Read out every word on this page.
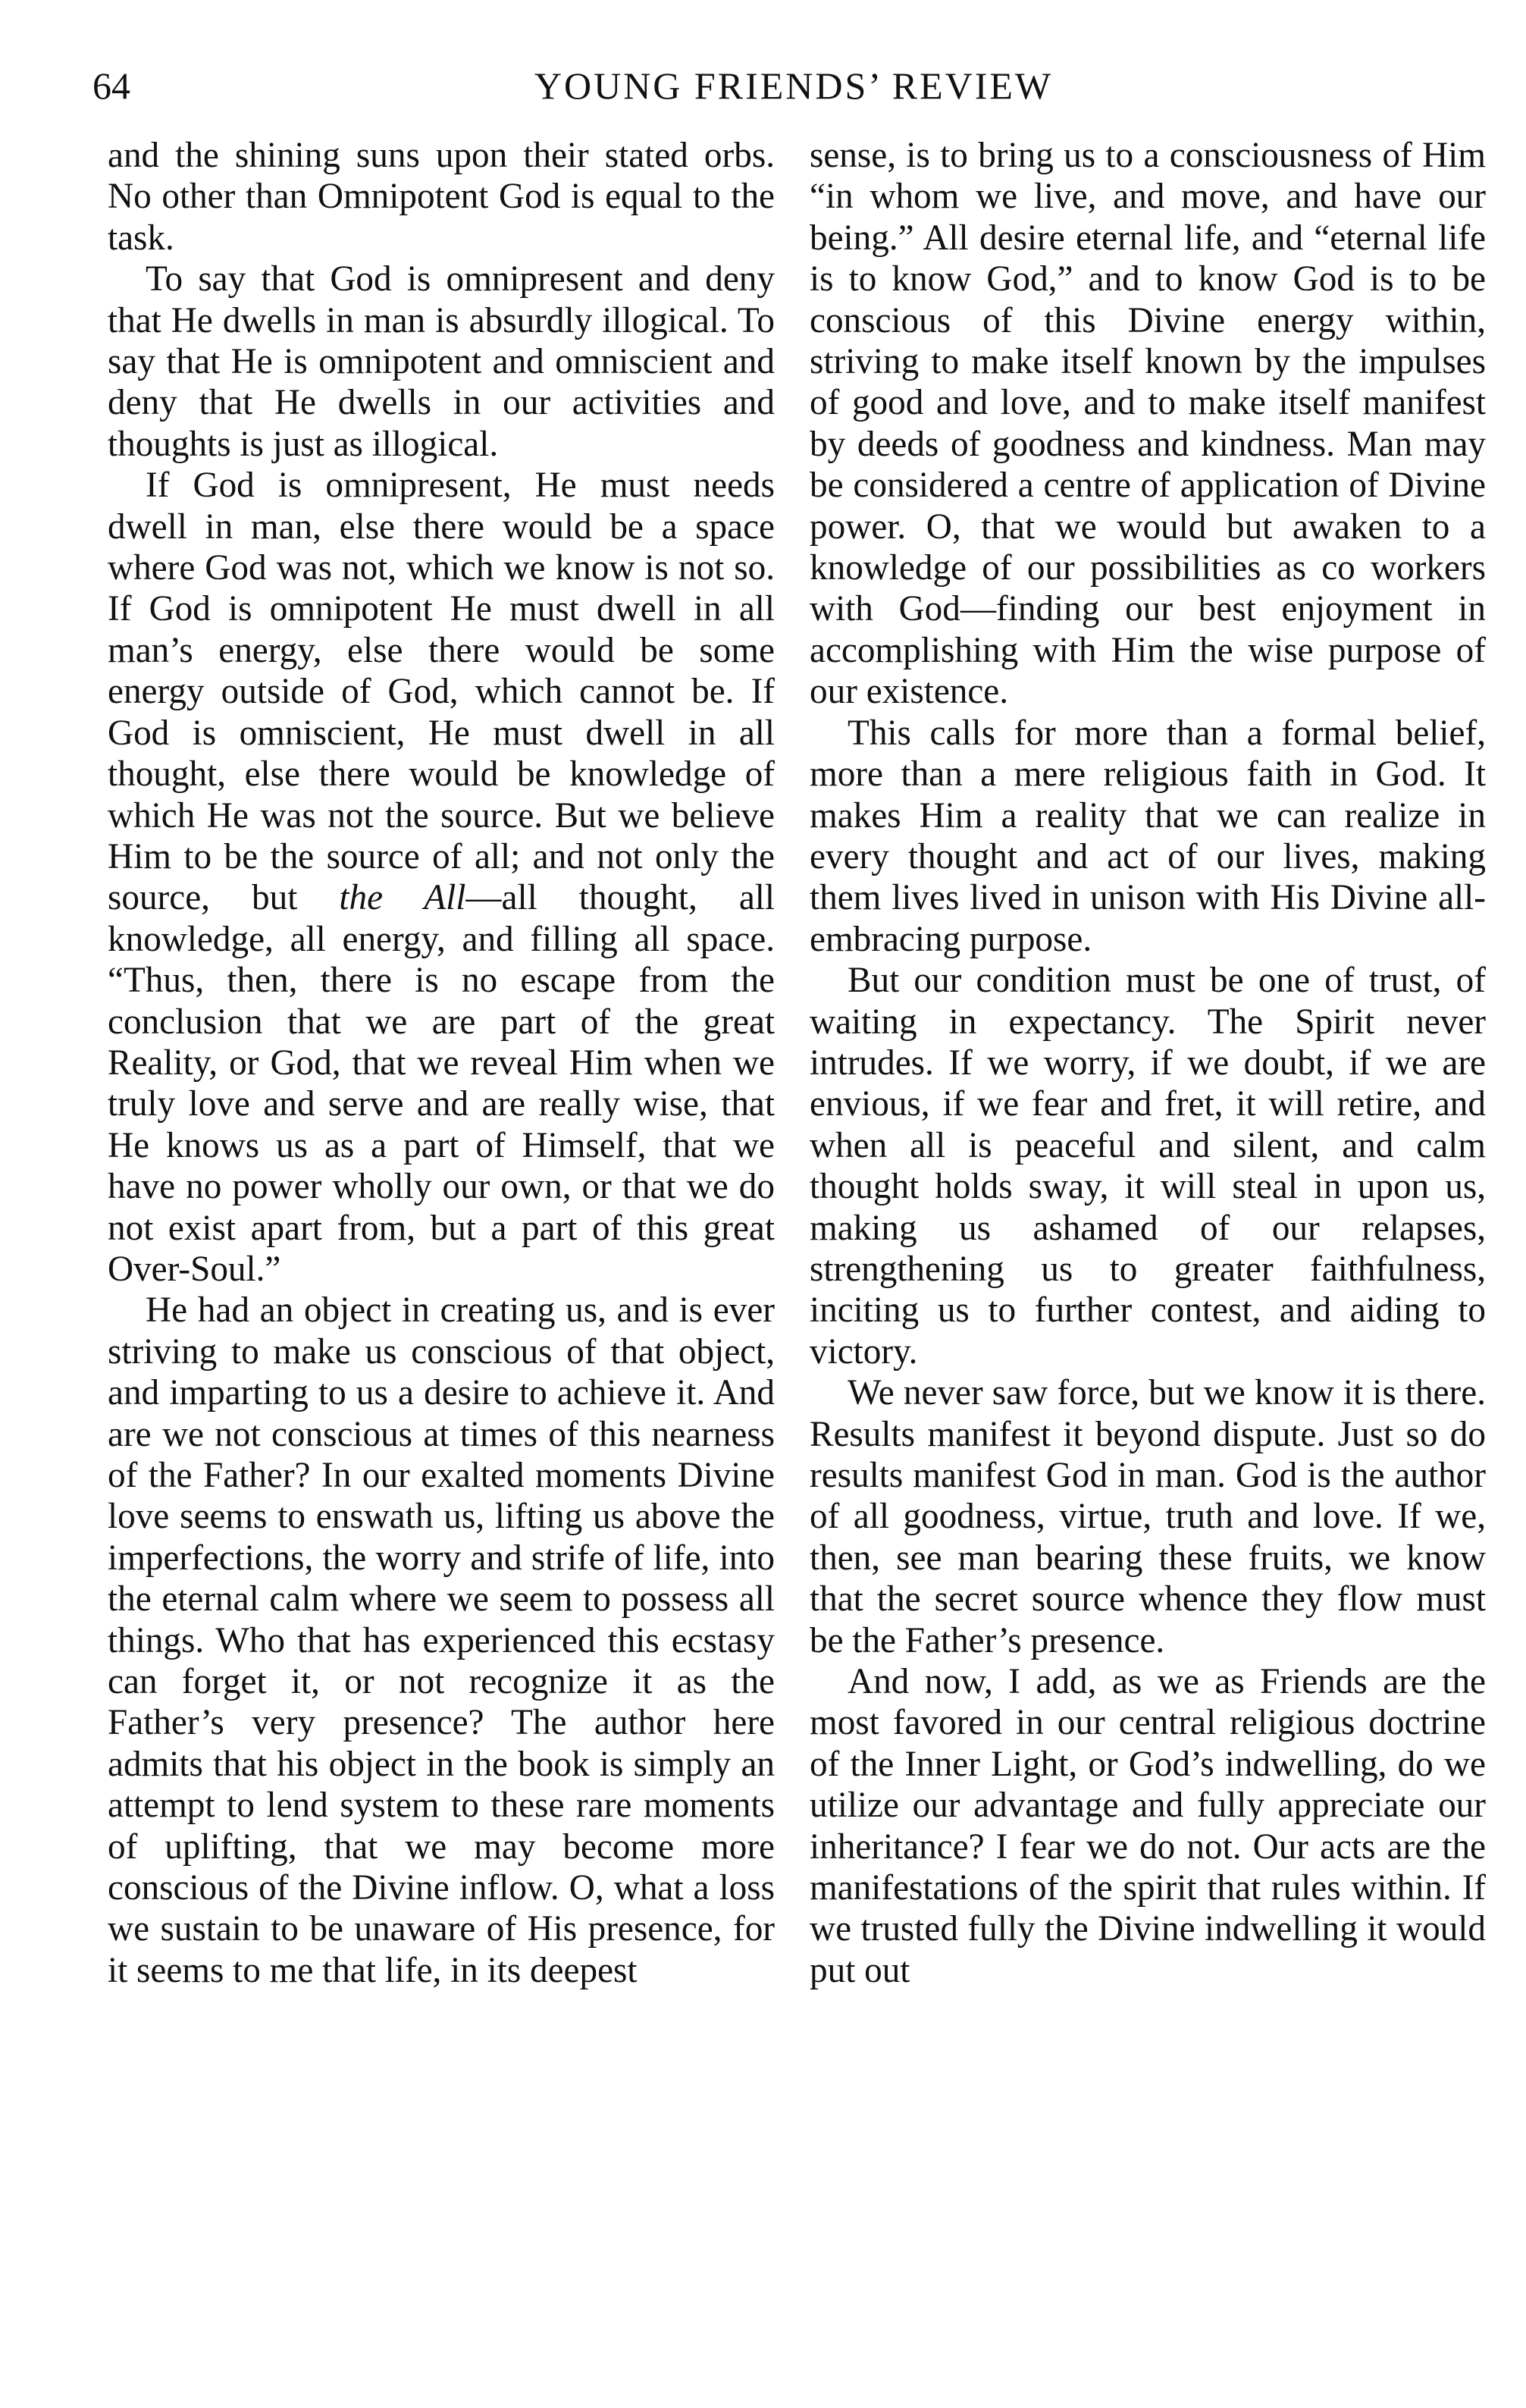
64	YOUNG FRIENDS’ REVIEW

and the shining suns upon their stated orbs. No other than Omnipotent God is equal to the task.

To say that God is omnipresent and deny that He dwells in man is absurdly illogical. To say that He is omnipotent and omniscient and deny that He dwells in our activities and thoughts is just as illogical.

If God is omnipresent, He must needs dwell in man, else there would be a space where God was not, which we know is not so. If God is omnipotent He must dwell in all man’s energy, else there would be some energy outside of God, which cannot be. If God is omniscient, He must dwell in all thought, else there would be knowledge of which He was not the source. But we believe Him to be the source of all; and not only the source, but the All—all thought, all knowledge, all energy, and filling all space. “Thus, then, there is no escape from the conclusion that we are part of the great Reality, or God, that we reveal Him when we truly love and serve and are really wise, that He knows us as a part of Himself, that we have no power wholly our own, or that we do not exist apart from, but a part of this great Over-Soul.”

He had an object in creating us, and is ever striving to make us conscious of that object, and imparting to us a desire to achieve it. And are we not conscious at times of this nearness of the Father? In our exalted moments Divine love seems to enswath us, lifting us above the imperfections, the worry and strife of life, into the eternal calm where we seem to possess all things. Who that has experienced this ecstasy can forget it, or not recognize it as the Father’s very presence? The author here admits that his object in the book is simply an attempt to lend system to these rare moments of uplifting, that we may become more conscious of the Divine inflow. O, what a loss we sustain to be unaware of His presence, for it seems to me that life, in its deepest

sense, is to bring us to a consciousness of Him “in whom we live, and move, and have our being.” All desire eternal life, and “eternal life is to know God,” and to know God is to be conscious of this Divine energy within, striving to make itself known by the impulses of good and love, and to make itself manifest by deeds of goodness and kindness. Man may be considered a centre of application of Divine power. O, that we would but awaken to a knowledge of our possibilities as co workers with God—finding our best enjoyment in accomplishing with Him the wise purpose of our existence.

This calls for more than a formal belief, more than a mere religious faith in God. It makes Him a reality that we can realize in every thought and act of our lives, making them lives lived in unison with His Divine all-embracing purpose.

But our condition must be one of trust, of waiting in expectancy. The Spirit never intrudes. If we worry, if we doubt, if we are envious, if we fear and fret, it will retire, and when all is peaceful and silent, and calm thought holds sway, it will steal in upon us, making us ashamed of our relapses, strengthening us to greater faithfulness, inciting us to further contest, and aiding to victory.

We never saw force, but we know it is there. Results manifest it beyond dispute. Just so do results manifest God in man. God is the author of all goodness, virtue, truth and love. If we, then, see man bearing these fruits, we know that the secret source whence they flow must be the Father’s presence.

And now, I add, as we as Friends are the most favored in our central religious doctrine of the Inner Light, or God’s indwelling, do we utilize our advantage and fully appreciate our inheritance? I fear we do not. Our acts are the manifestations of the spirit that rules within. If we trusted fully the Divine indwelling it would put out
